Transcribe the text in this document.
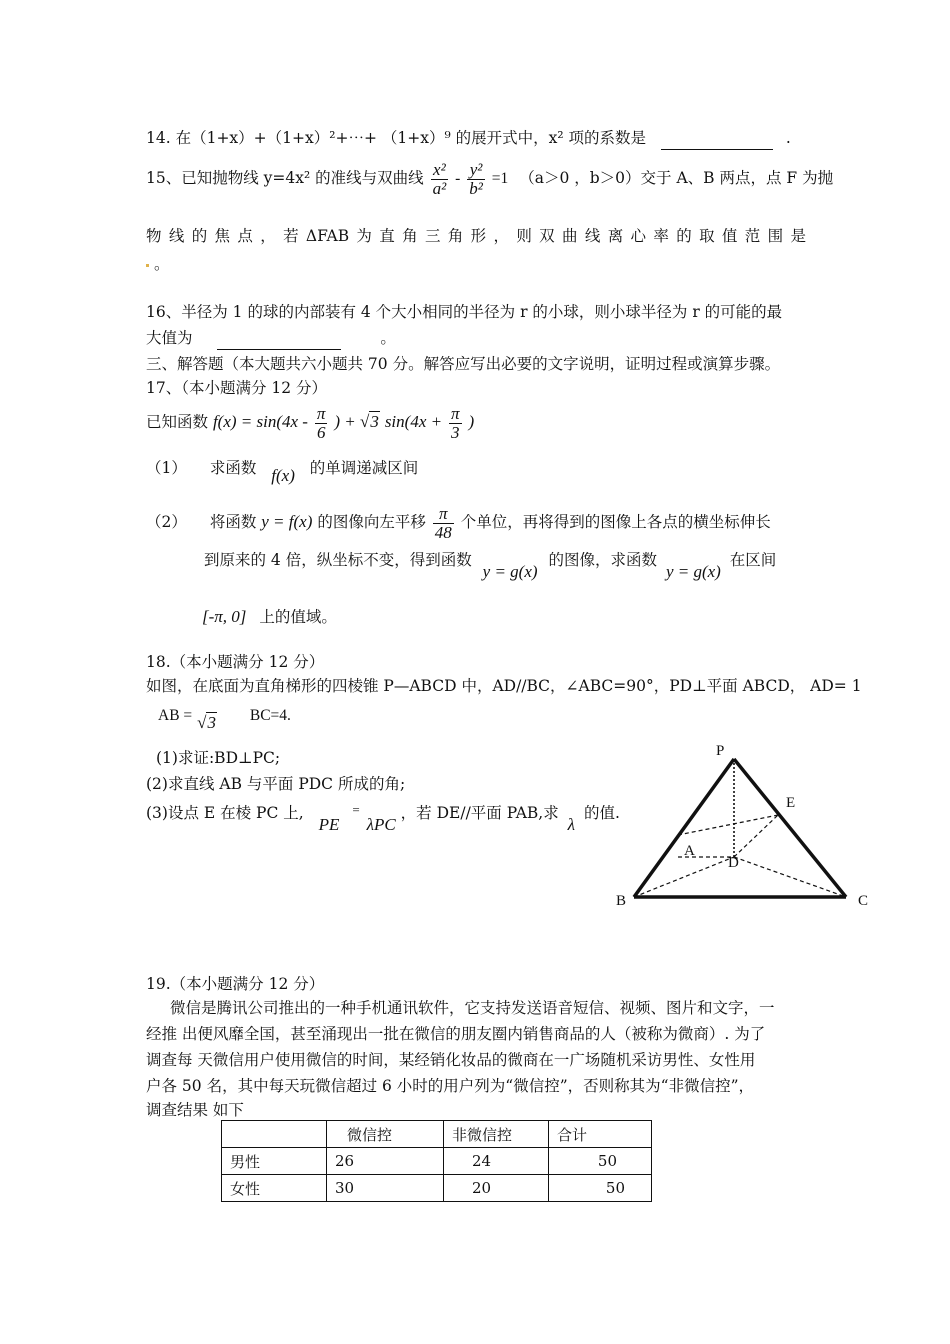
14. 在（1+x）+（1+x）²+⋯+ （1+x）⁹ 的展开式中，x² 项的系数是	.
15、已知抛物线 y=4x² 的准线与双曲线 $\frac{\text{x²}}{\text{a²}} - \frac{\text{y²}}{\text{b²}} =1$ （a＞0 ，b＞0）交于 A、B 两点，点 F 为抛
物 线 的 焦 点 ， 若 ΔFAB 为 直 角 三 角 形 ， 则 双 曲 线 离 心 率 的 取 值 范 围 是
。
16、半径为 1 的球的内部装有 4 个大小相同的半径为 r 的小球，则小球半径为 r 的可能的最
大值为	。
三、解答题（本大题共六小题共 70 分。解答应写出必要的文字说明，证明过程或演算步骤。
17、（本小题满分 12 分）
已知函数 $f(x) = \sin(4x - \frac{\pi}{6}$ ) + √3 $\sin(4x + \frac{\pi}{3}$ )
（1） 求函数 f(x) 的单调递减区间
（2） 将函数 y = f(x) 的图像向左平移 $\frac{\pi}{48}$ 个单位，再将得到的图像上各点的横坐标伸长
到原来的 4 倍，纵坐标不变，得到函数 y = g(x) 的图像，求函数 y = g(x) 在区间
[-π, 0] 上的值域。
18.（本小题满分 12 分）
如图，在底面为直角梯形的四棱锥 P—ABCD 中，AD//BC，∠ABC=90°，PD⊥平面 ABCD， AD= 1
AB = √3 BC=4.
(1)求证:BD⊥PC;
(2)求直线 AB 与平面 PDC 所成的角;
(3)设点 E 在棱 PC 上, PE = λPC ，若 DE//平面 PAB,求 λ 的值.
P
E
A
D
B	C
19.（本小题满分 12 分）
微信是腾讯公司推出的一种手机通讯软件，它支持发送语音短信、视频、图片和文字，一
经推 出便风靡全国，甚至涌现出一批在微信的朋友圈内销售商品的人（被称为微商）. 为了
调查每 天微信用户使用微信的时间，某经销化妆品的微商在一广场随机采访男性、女性用
户各 50 名，其中每天玩微信超过 6 小时的用户列为“微信控”，否则称其为“非微信控”，
调查结果 如下
	微信控	非微信控	合计
男性	26	24	50
女性	30	20	50
